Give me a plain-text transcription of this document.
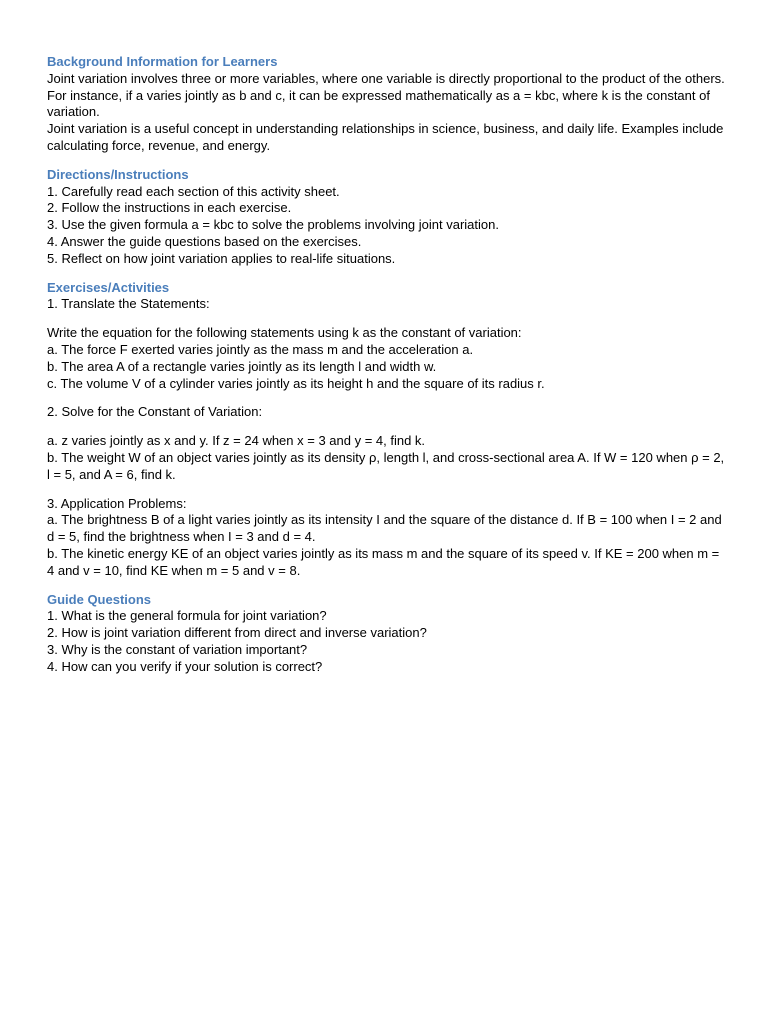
Background Information for Learners

Joint variation involves three or more variables, where one variable is directly proportional to the product of the others. For instance, if a varies jointly as b and c, it can be expressed mathematically as a = kbc, where k is the constant of variation.

Joint variation is a useful concept in understanding relationships in science, business, and daily life. Examples include calculating force, revenue, and energy.

Directions/Instructions

1. Carefully read each section of this activity sheet.

2. Follow the instructions in each exercise.

3. Use the given formula a = kbc to solve the problems involving joint variation.

4. Answer the guide questions based on the exercises.

5. Reflect on how joint variation applies to real-life situations.

Exercises/Activities

1. Translate the Statements:

Write the equation for the following statements using k as the constant of variation:

a. The force F exerted varies jointly as the mass m and the acceleration a.

b. The area A of a rectangle varies jointly as its length l and width w.

c. The volume V of a cylinder varies jointly as its height h and the square of its radius r.

2. Solve for the Constant of Variation:

a. z varies jointly as x and y. If z = 24 when x = 3 and y = 4, find k.

b. The weight W of an object varies jointly as its density ρ, length l, and cross-sectional area A. If W = 120 when ρ = 2, l = 5, and A = 6, find k.

3. Application Problems:

a. The brightness B of a light varies jointly as its intensity I and the square of the distance d. If B = 100 when I = 2 and d = 5, find the brightness when I = 3 and d = 4.

b. The kinetic energy KE of an object varies jointly as its mass m and the square of its speed v. If KE = 200 when m = 4 and v = 10, find KE when m = 5 and v = 8.

Guide Questions

1. What is the general formula for joint variation?

2. How is joint variation different from direct and inverse variation?

3. Why is the constant of variation important?

4. How can you verify if your solution is correct?
